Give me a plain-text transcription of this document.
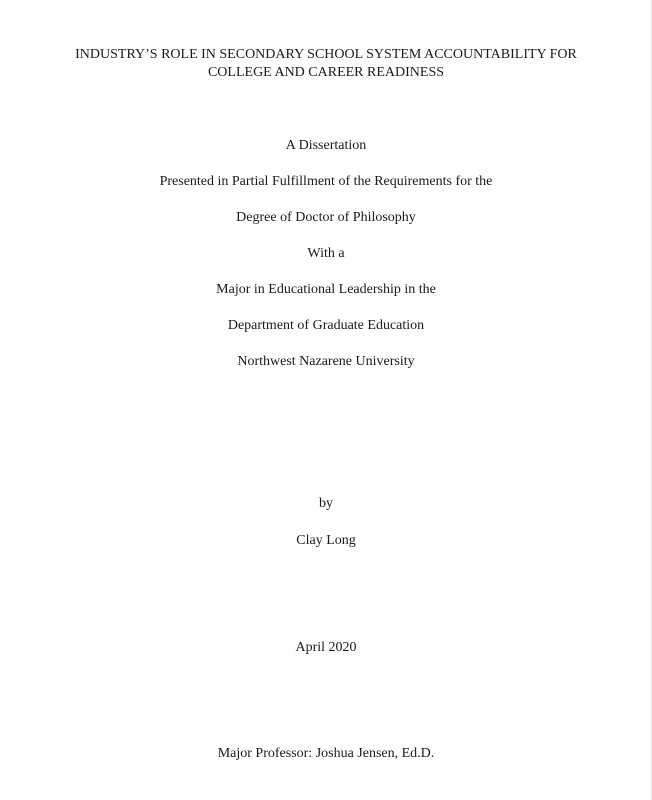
INDUSTRY’S ROLE IN SECONDARY SCHOOL SYSTEM ACCOUNTABILITY FOR
COLLEGE AND CAREER READINESS
A Dissertation
Presented in Partial Fulfillment of the Requirements for the
Degree of Doctor of Philosophy
With a
Major in Educational Leadership in the
Department of Graduate Education
Northwest Nazarene University
by
Clay Long
April 2020
Major Professor: Joshua Jensen, Ed.D.
